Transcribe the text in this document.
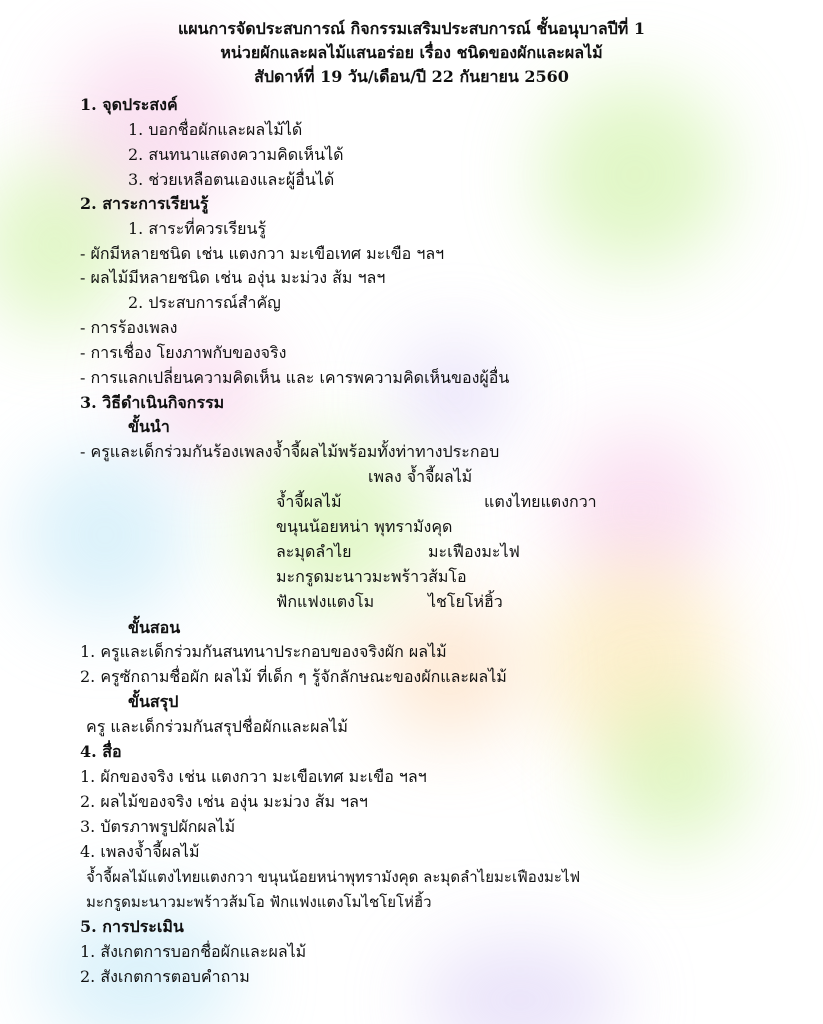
แผนการจัดประสบการณ์ กิจกรรมเสริมประสบการณ์ ชั้นอนุบาลปีที่ 1
หน่วยผักและผลไม้แสนอร่อย เรื่อง ชนิดของผักและผลไม้
สัปดาห์ที่ 19 วัน/เดือน/ปี 22 กันยายน 2560
1. จุดประสงค์
1. บอกชื่อผักและผลไม้ได้
2. สนทนาแสดงความคิดเห็นได้
3. ช่วยเหลือตนเองและผู้อื่นได้
2. สาระการเรียนรู้
1. สาระที่ควรเรียนรู้
- ผักมีหลายชนิด เช่น แตงกวา มะเขือเทศ มะเขือ ฯลฯ
- ผลไม้มีหลายชนิด เช่น องุ่น มะม่วง ส้ม ฯลฯ
2. ประสบการณ์สำคัญ
- การร้องเพลง
- การเชื่อง โยงภาพกับของจริง
- การแลกเปลี่ยนความคิดเห็น และ เคารพความคิดเห็นของผู้อื่น
3. วิธีดำเนินกิจกรรม
ขั้นนำ
- ครูและเด็กร่วมกันร้องเพลงจ้ำจี้ผลไม้พร้อมทั้งท่าทางประกอบ
เพลง จ้ำจี้ผลไม้
จ้ำจี้ผลไม้	แตงไทยแตงกวา
ขนุนน้อยหน่า พุทรามังคุด
ละมุดลำไย	มะเฟืองมะไฟ
มะกรูดมะนาวมะพร้าวส้มโอ
ฟักแฟงแตงโม	ไชโยโห่ฮิ้ว
ขั้นสอน
1. ครูและเด็กร่วมกันสนทนาประกอบของจริงผัก ผลไม้
2. ครูซักถามชื่อผัก ผลไม้ ที่เด็ก ๆ รู้จักลักษณะของผักและผลไม้
ขั้นสรุป
ครู และเด็กร่วมกันสรุปชื่อผักและผลไม้
4. สื่อ
1. ผักของจริง เช่น แตงกวา มะเขือเทศ มะเขือ ฯลฯ
2. ผลไม้ของจริง เช่น องุ่น มะม่วง ส้ม ฯลฯ
3. บัตรภาพรูปผักผลไม้
4. เพลงจ้ำจี้ผลไม้
จ้ำจี้ผลไม้แตงไทยแตงกวา ขนุนน้อยหน่าพุทรามังคุด ละมุดลำไยมะเฟืองมะไฟ
มะกรูดมะนาวมะพร้าวส้มโอ ฟักแฟงแตงโมไชโยโห่ฮิ้ว
5. การประเมิน
1. สังเกตการบอกชื่อผักและผลไม้
2. สังเกตการตอบคำถาม
